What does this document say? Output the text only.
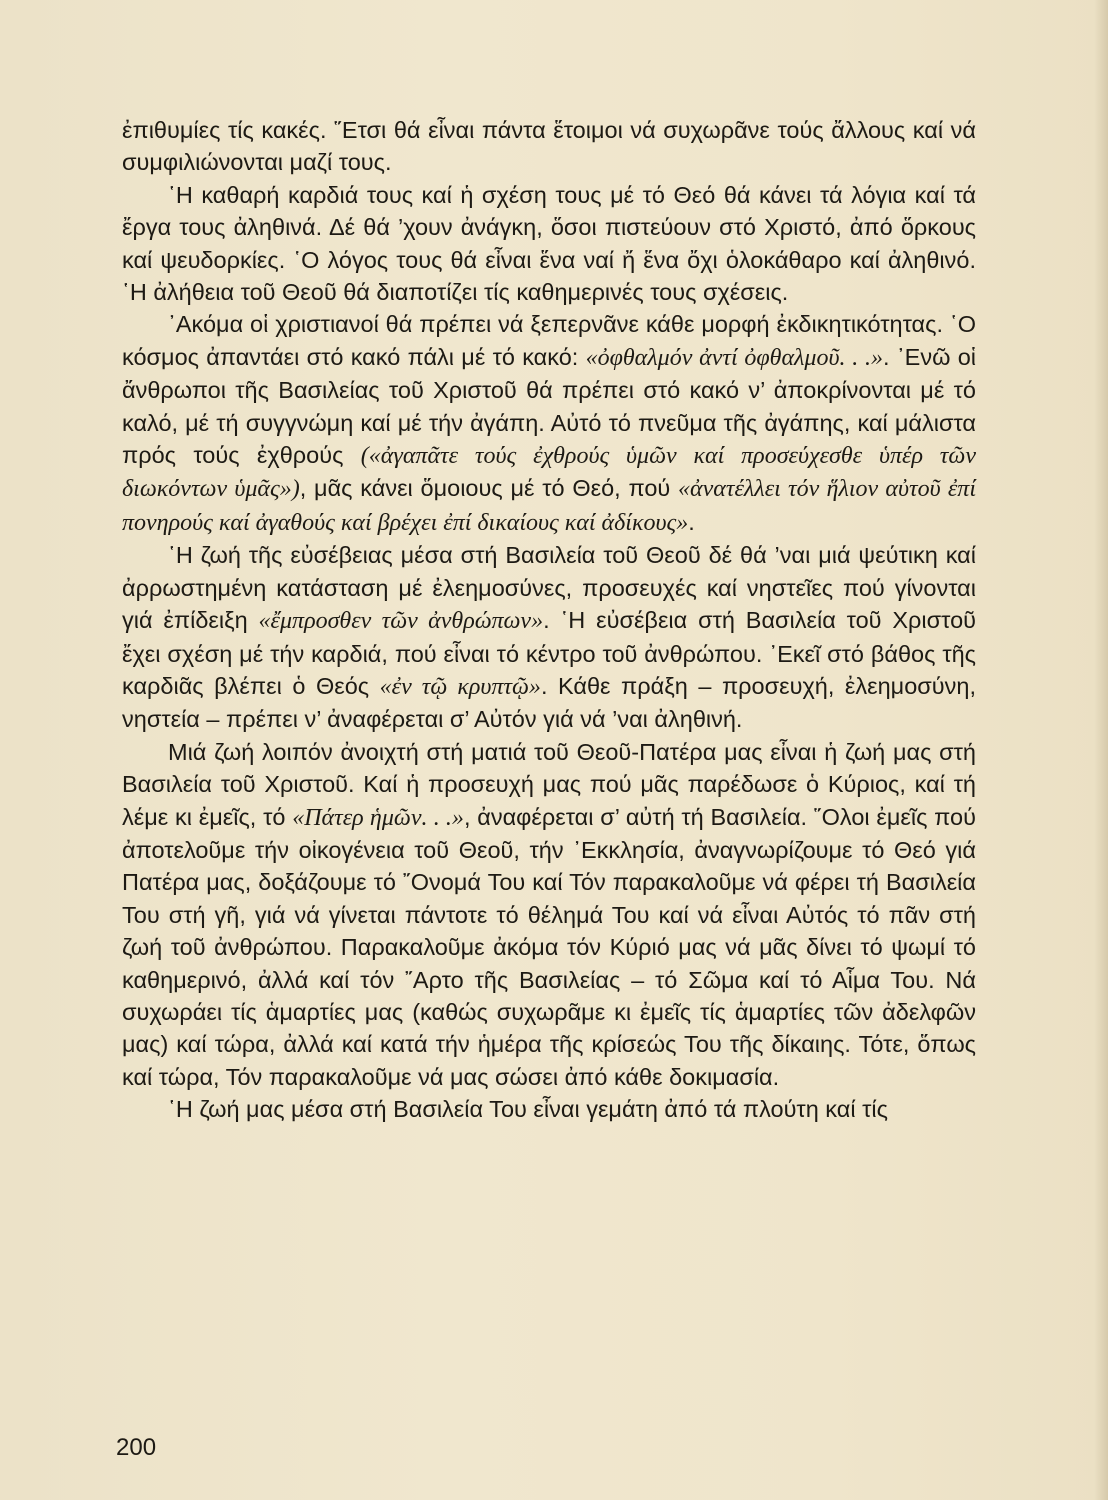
ἐπιθυμίες τίς κακές. ῞Ετσι θά εἶναι πάντα ἕτοιμοι νά συχωρᾶνε τούς ἄλλους καί νά συμφιλιώνονται μαζί τους.

῾Η καθαρή καρδιά τους καί ἡ σχέση τους μέ τό Θεό θά κάνει τά λόγια καί τά ἔργα τους ἀληθινά. Δέ θά ’χουν ἀνάγκη, ὅσοι πιστεύουν στό Χριστό, ἀπό ὅρκους καί ψευδορκίες. ῾Ο λόγος τους θά εἶναι ἕνα ναί ἤ ἕνα ὄχι ὁλοκάθαρο καί ἀληθινό. ῾Η ἀλήθεια τοῦ Θεοῦ θά διαποτίζει τίς καθημερινές τους σχέσεις.

᾿Ακόμα οἱ χριστιανοί θά πρέπει νά ξεπερνᾶνε κάθε μορφή ἐκδικητικότητας. ῾Ο κόσμος ἀπαντάει στό κακό πάλι μέ τό κακό: «ὀφθαλμόν ἀντί ὀφθαλμοῦ. . .». ᾿Ενῶ οἱ ἄνθρωποι τῆς Βασιλείας τοῦ Χριστοῦ θά πρέπει στό κακό ν’ ἀποκρίνονται μέ τό καλό, μέ τή συγγνώμη καί μέ τήν ἀγάπη. Αὐτό τό πνεῦμα τῆς ἀγάπης, καί μάλιστα πρός τούς ἐχθρούς («ἀγαπᾶτε τούς ἐχθρούς ὑμῶν καί προσεύχεσθε ὑπέρ τῶν διωκόντων ὑμᾶς»), μᾶς κάνει ὅμοιους μέ τό Θεό, πού «ἀνατέλλει τόν ἥλιον αὐτοῦ ἐπί πονηρούς καί ἀγαθούς καί βρέχει ἐπί δικαίους καί ἀδίκους».

῾Η ζωή τῆς εὐσέβειας μέσα στή Βασιλεία τοῦ Θεοῦ δέ θά ’ναι μιά ψεύτικη καί ἀρρωστημένη κατάσταση μέ ἐλεημοσύνες, προσευχές καί νηστεῖες πού γίνονται γιά ἐπίδειξη «ἔμπροσθεν τῶν ἀνθρώπων». ῾Η εὐσέβεια στή Βασιλεία τοῦ Χριστοῦ ἔχει σχέση μέ τήν καρδιά, πού εἶναι τό κέντρο τοῦ ἀνθρώπου. ᾿Εκεῖ στό βάθος τῆς καρδιᾶς βλέπει ὁ Θεός «ἐν τῷ κρυπτῷ». Κάθε πράξη – προσευχή, ἐλεημοσύνη, νηστεία – πρέπει ν’ ἀναφέρεται σ’ Αὐτόν γιά νά ’ναι ἀληθινή.

Μιά ζωή λοιπόν ἀνοιχτή στή ματιά τοῦ Θεοῦ-Πατέρα μας εἶναι ἡ ζωή μας στή Βασιλεία τοῦ Χριστοῦ. Καί ἡ προσευχή μας πού μᾶς παρέδωσε ὁ Κύριος, καί τή λέμε κι ἐμεῖς, τό «Πάτερ ἡμῶν. . .», ἀναφέρεται σ’ αὐτή τή Βασιλεία. ῞Ολοι ἐμεῖς πού ἀποτελοῦμε τήν οἰκογένεια τοῦ Θεοῦ, τήν ᾿Εκκλησία, ἀναγνωρίζουμε τό Θεό γιά Πατέρα μας, δοξάζουμε τό ῎Ονομά Του καί Τόν παρακαλοῦμε νά φέρει τή Βασιλεία Του στή γῆ, γιά νά γίνεται πάντοτε τό θέλημά Του καί νά εἶναι Αὐτός τό πᾶν στή ζωή τοῦ ἀνθρώπου. Παρακαλοῦμε ἀκόμα τόν Κύριό μας νά μᾶς δίνει τό ψωμί τό καθημερινό, ἀλλά καί τόν ῎Αρτο τῆς Βασιλείας – τό Σῶμα καί τό Αἷμα Του. Νά συχωράει τίς ἁμαρτίες μας (καθώς συχωρᾶμε κι ἐμεῖς τίς ἁμαρτίες τῶν ἀδελφῶν μας) καί τώρα, ἀλλά καί κατά τήν ἡμέρα τῆς κρίσεώς Του τῆς δίκαιης. Τότε, ὅπως καί τώρα, Τόν παρακαλοῦμε νά μας σώσει ἀπό κάθε δοκιμασία.

῾Η ζωή μας μέσα στή Βασιλεία Του εἶναι γεμάτη ἀπό τά πλούτη καί τίς

200
